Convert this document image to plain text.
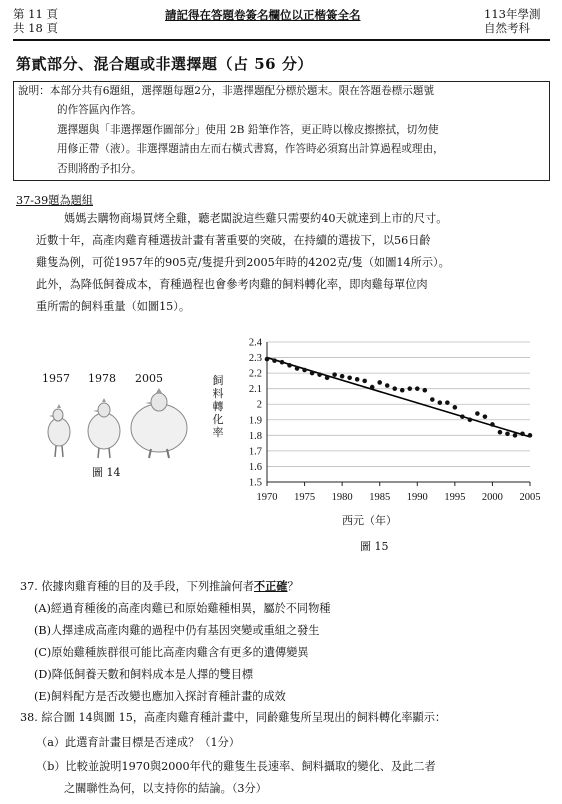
第 11 頁
共 18 頁
請記得在答題卷簽名欄位以正楷簽全名	113年學測
自然考科
第貳部分、混合題或非選擇題（占 56 分）
說明：本部分共有6題組，選擇題每題2分，非選擇題配分標於題末。限在答題卷標示題號
的作答區內作答。
選擇題與「非選擇題作圖部分」使用 2B 鉛筆作答，更正時以橡皮擦擦拭，切勿使
用修正帶（液）。非選擇題請由左而右橫式書寫，作答時必須寫出計算過程或理由，
否則將酌予扣分。
37-39題為題組
媽媽去購物商場買烤全雞，聽老闆說這些雞只需要約40天就達到上市的尺寸。
近數十年，高產肉雞育種選拔計畫有著重要的突破，在持續的選拔下，以56日齡
雞隻為例，可從1957年的905克/隻提升到2005年時的4202克/隻（如圖14所示）。
此外，為降低飼養成本，育種過程也會參考肉雞的飼料轉化率，即肉雞每單位肉
重所需的飼料重量（如圖15）。
1957 1978 2005
圖 14
飼
料
轉
化
率
1.5
1.6
1.7
1.8
1.9
2
2.1
2.2
2.3
2.4
1970 1975 1980 1985 1990 1995 2000 2005
西元（年）
圖 15
37. 依據肉雞育種的目的及手段，下列推論何者不正確？
(A)經過育種後的高產肉雞已和原始雞種相異，屬於不同物種
(B)人擇達成高產肉雞的過程中仍有基因突變或重組之發生
(C)原始雞種族群很可能比高產肉雞含有更多的遺傳變異
(D)降低飼養天數和飼料成本是人擇的雙目標
(E)飼料配方是否改變也應加入探討育種計畫的成效
38. 綜合圖 14與圖 15，高產肉雞育種計畫中，同齡雞隻所呈現出的飼料轉化率顯示：
（a）此選育計畫目標是否達成？（1分）
（b）比較並說明1970與2000年代的雞隻生長速率、飼料攝取的變化、及此二者
之關聯性為何，以支持你的結論。（3分）
